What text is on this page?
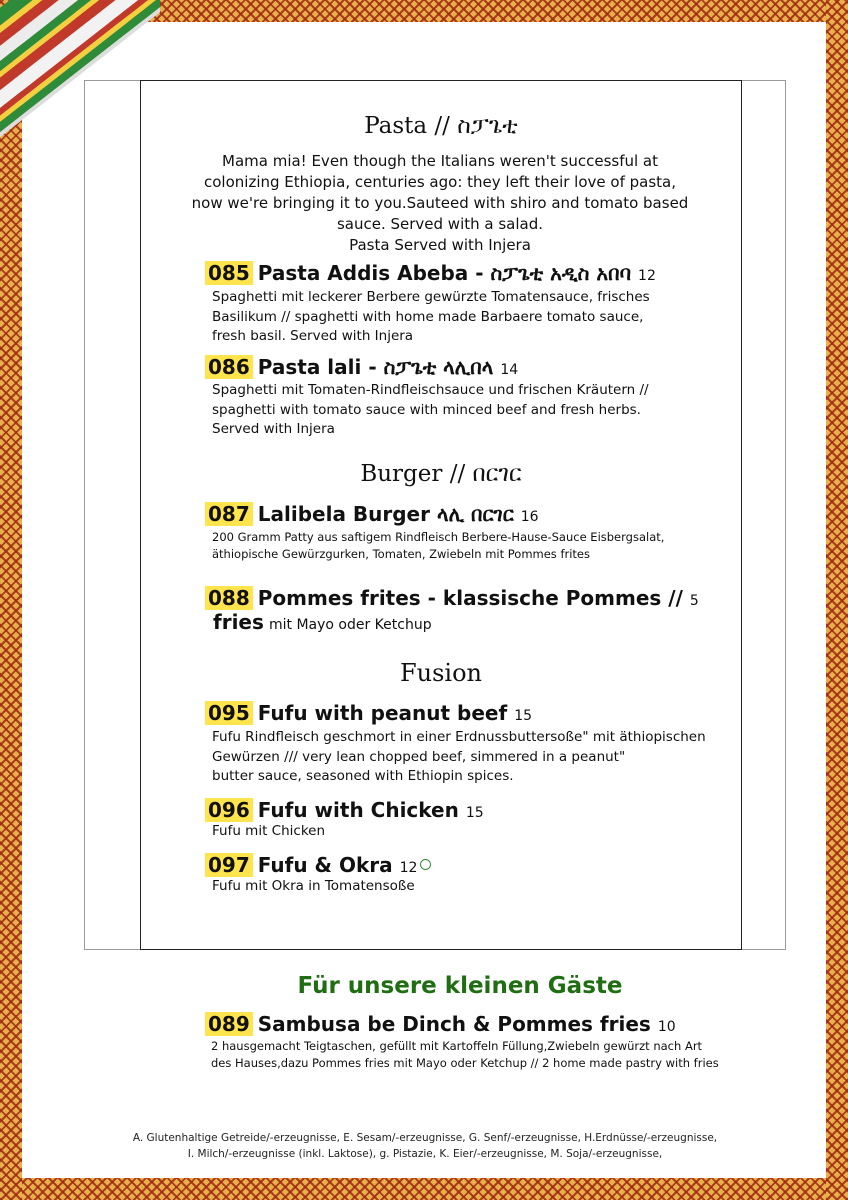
Pasta // ስፓጌቲ
Mama mia! Even though the Italians weren't successful at
colonizing Ethiopia, centuries ago: they left their love of pasta,
now we're bringing it to you.Sauteed with shiro and tomato based
sauce. Served with a salad.
Pasta Served with Injera
085 Pasta Addis Abeba - ስፓጌቲ አዲስ አበባ 12
Spaghetti mit leckerer Berbere gewürzte Tomatensauce, frisches
Basilikum // spaghetti with home made Barbaere tomato sauce,
fresh basil. Served with Injera
086 Pasta lali - ስፓጌቲ ላሊበላ 14
Spaghetti mit Tomaten-Rindfleischsauce und frischen Kräutern //
spaghetti with tomato sauce with minced beef and fresh herbs.
Served with Injera
Burger // በርገር
087 Lalibela Burger ላሊ በርገር 16
200 Gramm Patty aus saftigem Rindfleisch Berbere-Hause-Sauce Eisbergsalat,
äthiopische Gewürzgurken, Tomaten, Zwiebeln mit Pommes frites
088 Pommes frites - klassische Pommes // 5
fries mit Mayo oder Ketchup
Fusion
095 Fufu with peanut beef 15
Fufu Rindfleisch geschmort in einer Erdnussbuttersoße" mit äthiopischen
Gewürzen /// very lean chopped beef, simmered in a peanut"
butter sauce, seasoned with Ethiopin spices.
096 Fufu with Chicken 15
Fufu mit Chicken
097 Fufu & Okra 12
Fufu mit Okra in Tomatensoße
Für unsere kleinen Gäste
089 Sambusa be Dinch & Pommes fries 10
2 hausgemacht Teigtaschen, gefüllt mit Kartoffeln Füllung,Zwiebeln gewürzt nach Art
des Hauses,dazu Pommes fries mit Mayo oder Ketchup // 2 home made pastry with fries
A. Glutenhaltige Getreide/-erzeugnisse, E. Sesam/-erzeugnisse, G. Senf/-erzeugnisse, H.Erdnüsse/-erzeugnisse,
I. Milch/-erzeugnisse (inkl. Laktose), g. Pistazie, K. Eier/-erzeugnisse, M. Soja/-erzeugnisse,
